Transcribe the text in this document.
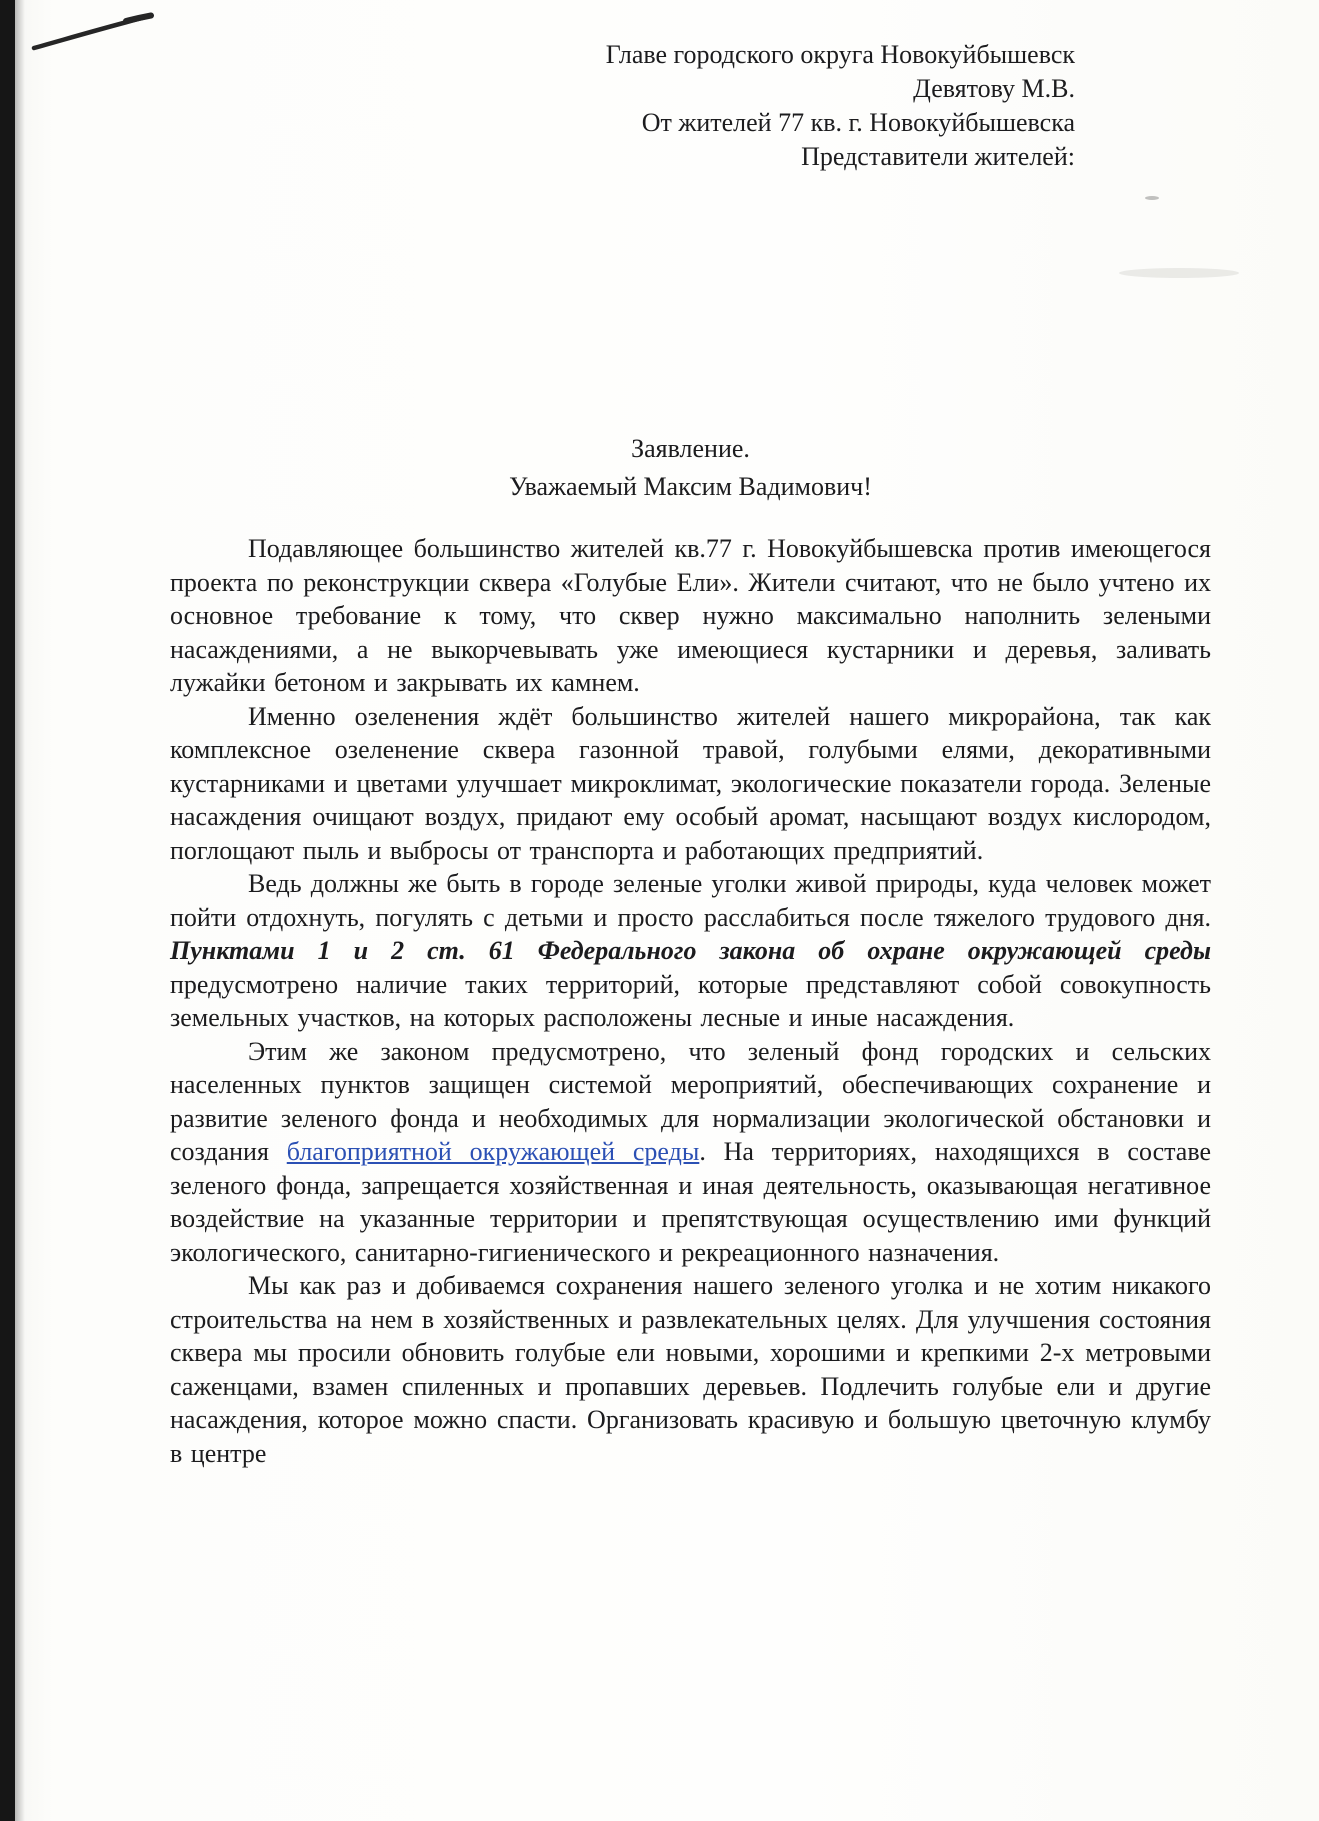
Главе городского округа Новокуйбышевск
Девятову М.В.
От жителей 77 кв. г. Новокуйбышевска
Представители жителей:
Заявление.
Уважаемый Максим Вадимович!

Подавляющее большинство жителей кв.77 г. Новокуйбышевска против имеющегося проекта по реконструкции сквера «Голубые Ели». Жители считают, что не было учтено их основное требование к тому, что сквер нужно максимально наполнить зелеными насаждениями, а не выкорчевывать уже имеющиеся кустарники и деревья, заливать лужайки бетоном и закрывать их камнем.

Именно озеленения ждёт большинство жителей нашего микрорайона, так как комплексное озеленение сквера газонной травой, голубыми елями, декоративными кустарниками и цветами улучшает микроклимат, экологические показатели города. Зеленые насаждения очищают воздух, придают ему особый аромат, насыщают воздух кислородом, поглощают пыль и выбросы от транспорта и работающих предприятий.

Ведь должны же быть в городе зеленые уголки живой природы, куда человек может пойти отдохнуть, погулять с детьми и просто расслабиться после тяжелого трудового дня. Пунктами 1 и 2 ст. 61 Федерального закона об охране окружающей среды предусмотрено наличие таких территорий, которые представляют собой совокупность земельных участков, на которых расположены лесные и иные насаждения.

Этим же законом предусмотрено, что зеленый фонд городских и сельских населенных пунктов защищен системой мероприятий, обеспечивающих сохранение и развитие зеленого фонда и необходимых для нормализации экологической обстановки и создания благоприятной окружающей среды. На территориях, находящихся в составе зеленого фонда, запрещается хозяйственная и иная деятельность, оказывающая негативное воздействие на указанные территории и препятствующая осуществлению ими функций экологического, санитарно-гигиенического и рекреационного назначения.

Мы как раз и добиваемся сохранения нашего зеленого уголка и не хотим никакого строительства на нем в хозяйственных и развлекательных целях. Для улучшения состояния сквера мы просили обновить голубые ели новыми, хорошими и крепкими 2-х метровыми саженцами, взамен спиленных и пропавших деревьев. Подлечить голубые ели и другие насаждения, которое можно спасти. Организовать красивую и большую цветочную клумбу в центре
